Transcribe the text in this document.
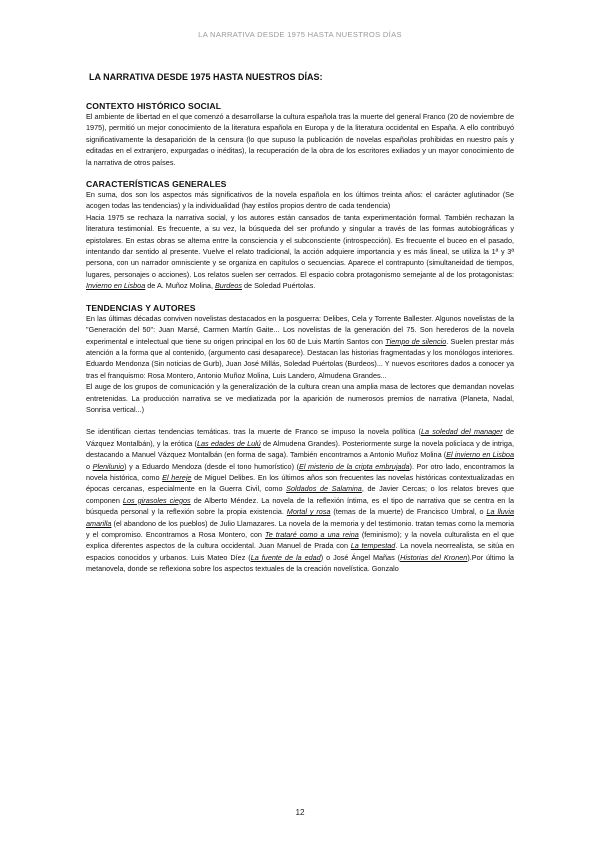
LA NARRATIVA DESDE 1975 HASTA NUESTROS DÍAS

LA NARRATIVA DESDE 1975 HASTA NUESTROS DÍAS:

CONTEXTO HISTÓRICO SOCIAL

El ambiente de libertad en el que comenzó a desarrollarse la cultura española tras la muerte del general Franco (20 de noviembre de 1975), permitió un mejor conocimiento de la literatura española en Europa y de la literatura occidental en España. A ello contribuyó significativamente la desaparición de la censura (lo que supuso la publicación de novelas españolas prohibidas en nuestro país y editadas en el extranjero, expurgadas o inéditas), la recuperación de la obra de los escritores exiliados y un mayor conocimiento de la narrativa de otros países.

CARACTERÍSTICAS GENERALES

En suma, dos son los aspectos más significativos de la novela española en los últimos treinta años: el carácter aglutinador (Se acogen todas las tendencias) y la individualidad (hay estilos propios dentro de cada tendencia)

Hacia 1975 se rechaza la narrativa social, y los autores están cansados de tanta experimentación formal. También rechazan la literatura testimonial. Es frecuente, a su vez, la búsqueda del ser profundo y singular a través de las formas autobiográficas y epistolares. En estas obras se alterna entre la consciencia y el subconsciente (introspección). Es frecuente el buceo en el pasado, intentando dar sentido al presente. Vuelve el relato tradicional, la acción adquiere importancia y es más lineal, se utiliza la 1ª y 3ª persona, con un narrador omnisciente y se organiza en capítulos o secuencias. Aparece el contrapunto (simultaneidad de tiempos, lugares, personajes o acciones). Los relatos suelen ser cerrados. El espacio cobra protagonismo semejante al de los protagonistas: Invierno en Lisboa de A. Muñoz Molina, Burdeos de Soledad Puértolas.

TENDENCIAS Y AUTORES

En las últimas décadas conviven novelistas destacados en la posguerra: Delibes, Cela y Torrente Ballester. Algunos novelistas de la "Generación del 50": Juan Marsé, Carmen Martín Gaite... Los novelistas de la generación del 75. Son herederos de la novela experimental e intelectual que tiene su origen principal en los 60 de Luis Martín Santos con Tiempo de silencio. Suelen prestar más atención a la forma que al contenido, (argumento casi desaparece). Destacan las historias fragmentadas y los monólogos interiores. Eduardo Mendonza (Sin noticias de Gurb), Juan José Millás, Soledad Puértolas (Burdeos)... Y nuevos escritores dados a conocer ya tras el franquismo: Rosa Montero, Antonio Muñoz Molina, Luis Landero, Almudena Grandes...

El auge de los grupos de comunicación y la generalización de la cultura crean una amplia masa de lectores que demandan novelas entretenidas. La producción narrativa se ve mediatizada por la aparición de numerosos premios de narrativa (Planeta, Nadal, Sonrisa vertical...)

Se identifican ciertas tendencias temáticas. tras la muerte de Franco se impuso la novela política (La soledad del manager de Vázquez Montalbán), y la erótica (Las edades de Lulú de Almudena Grandes). Posteriormente surge la novela policíaca y de intriga, destacando a Manuel Vázquez Montalbán (en forma de saga). También encontramos a Antonio Muñoz Molina (El invierno en Lisboa o Plenilunio) y a Eduardo Mendoza (desde el tono humorístico) (El misterio de la cripta embrujada). Por otro lado, encontramos la novela histórica, como El hereje de Miguel Delibes. En los últimos años son frecuentes las novelas históricas contextualizadas en épocas cercanas, especialmente en la Guerra Civil, como Soldados de Salamina, de Javier Cercas; o los relatos breves que componen Los girasoles ciegos de Alberto Méndez. La novela de la reflexión íntima, es el tipo de narrativa que se centra en la búsqueda personal y la reflexión sobre la propia existencia. Mortal y rosa (temas de la muerte) de Francisco Umbral, o La lluvia amarilla (el abandono de los pueblos) de Julio Llamazares. La novela de la memoria y del testimonio. tratan temas como la memoria y el compromiso. Encontramos a Rosa Montero, con Te trataré como a una reina (feminismo); y la novela culturalista en el que explica diferentes aspectos de la cultura occidental. Juan Manuel de Prada con La tempestad. La novela neorrealista, se sitúa en espacios conocidos y urbanos. Luis Mateo Díez (La fuente de la edad) o José Ángel Mañas (Historias del Kronen).Por último la metanovela, donde se reflexiona sobre los aspectos textuales de la creación novelística. Gonzalo

12
